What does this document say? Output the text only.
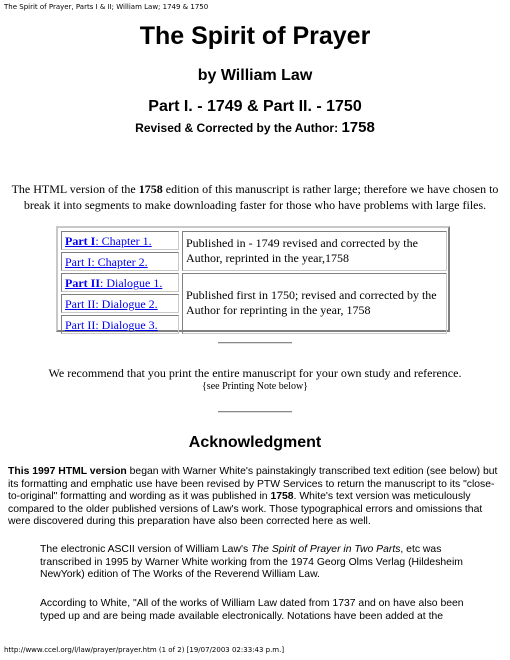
The Spirit of Prayer, Parts I & II; William Law; 1749 & 1750
The Spirit of Prayer
by William Law
Part I. - 1749 & Part II. - 1750
Revised & Corrected by the Author: 1758
The HTML version of the 1758 edition of this manuscript is rather large; therefore we have chosen to break it into segments to make downloading faster for those who have problems with large files.
Part I: Chapter 1.
Part I: Chapter 2.
Published in - 1749 revised and corrected by the Author, reprinted in the year,1758
Part II: Dialogue 1.
Part II: Dialogue 2.
Part II: Dialogue 3.
Published first in 1750; revised and corrected by the Author for reprinting in the year, 1758
We recommend that you print the entire manuscript for your own study and reference.
{see Printing Note below}
Acknowledgment
This 1997 HTML version began with Warner White's painstakingly transcribed text edition (see below) but its formatting and emphatic use have been revised by PTW Services to return the manuscript to its "close-to-original" formatting and wording as it was published in 1758. White's text version was meticulously compared to the older published versions of Law's work. Those typographical errors and omissions that were discovered during this preparation have also been corrected here as well.
The electronic ASCII version of William Law's The Spirit of Prayer in Two Parts, etc was transcribed in 1995 by Warner White working from the 1974 Georg Olms Verlag (Hildesheim NewYork) edition of The Works of the Reverend William Law.
According to White, "All of the works of William Law dated from 1737 and on have also been typed up and are being made available electronically. Notations have been added at the
http://www.ccel.org/l/law/prayer/prayer.htm (1 of 2) [19/07/2003 02:33:43 p.m.]
